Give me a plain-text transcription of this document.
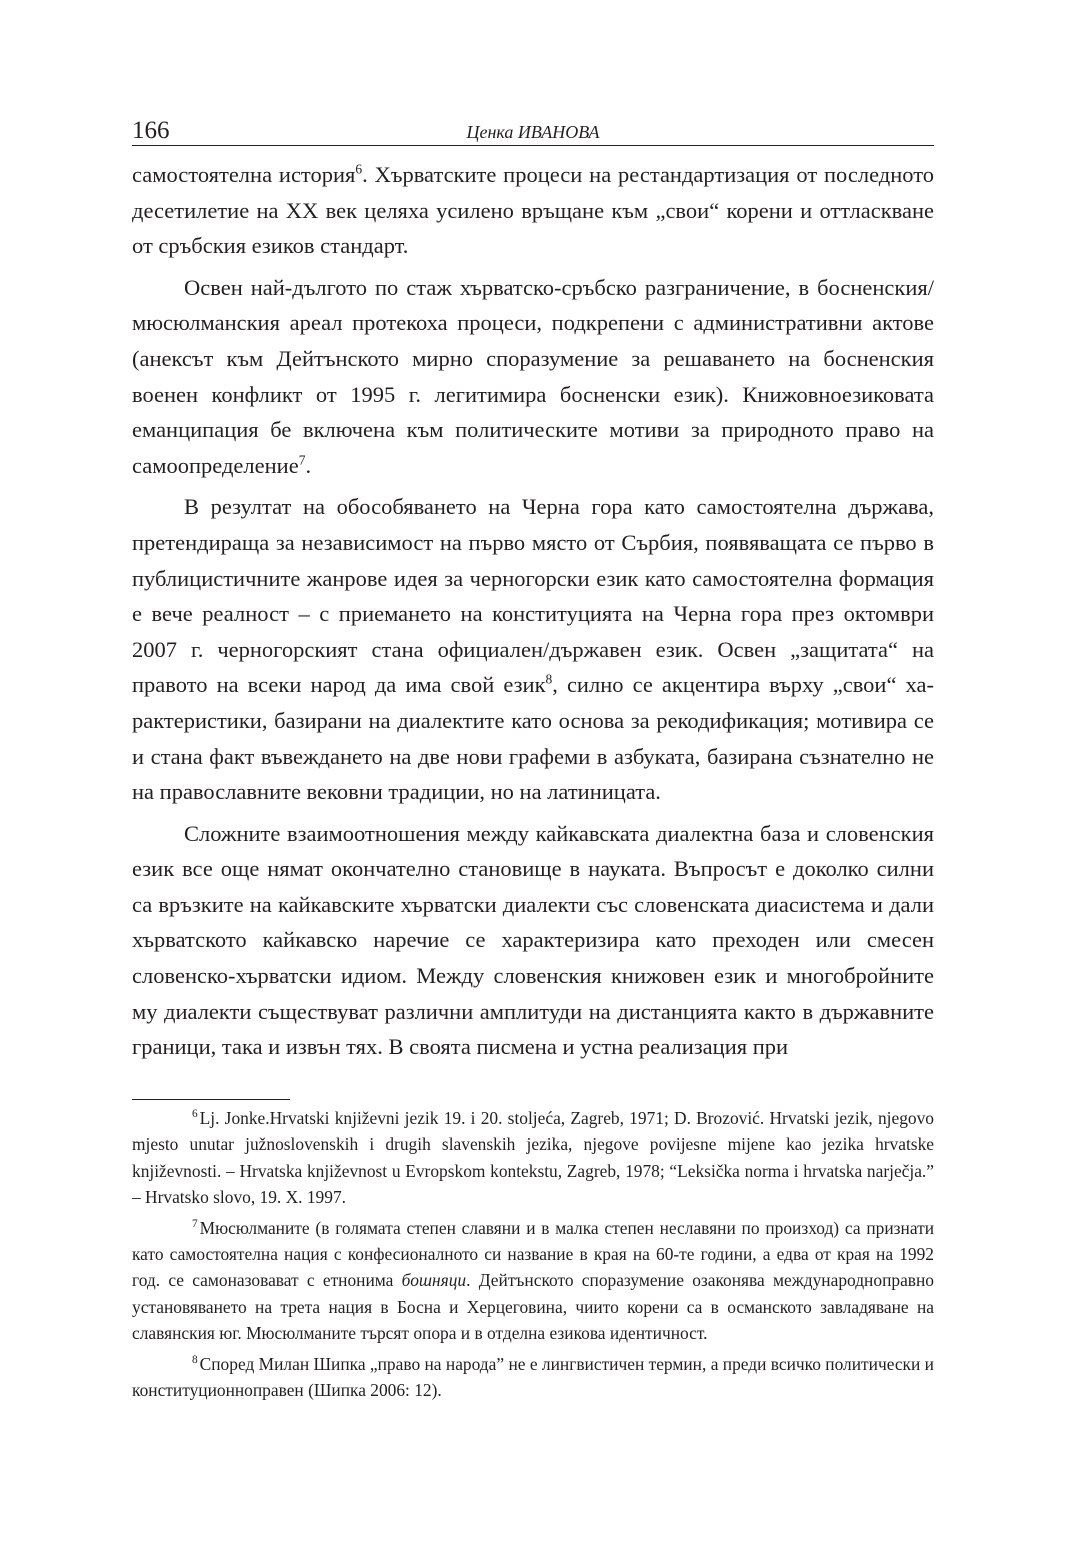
166	Ценка ИВАНОВА

самостоятелна история$^6$. Хърватските процеси на рестандартизация от последното десетилетие на XX век целяха усилено връщане към „свои“ корени и оттласкване от сръбския езиков стандарт.

Освен най-дългото по стаж хърватско-сръбско разграничение, в босненския/ мюсюлманския ареал протекоха процеси, подкрепени с административни актове (анексът към Дейтънското мирно споразумение за решаването на босненския военен конфликт от 1995 г. легитимира босненски език). Книжовноезиковата еманципация бе включена към политическите мотиви за природното право на самоопределение$^7$.

В резултат на обособяването на Черна гора като самостоятелна държава, претендираща за независимост на първо място от Сърбия, появяващата се първо в публицистичните жанрове идея за черногорски език като самостоятелна формация е вече реалност – с приемането на конституцията на Черна гора през октомври 2007 г. черногорският стана официален/държавен език. Освен „защитата“ на правото на всеки народ да има свой език$^8$, силно се акцентира върху „свои“ характеристики, базирани на диалектите като основа за рекодификация; мотивира се и стана факт въвеждането на две нови графеми в азбуката, базирана съзнателно не на православните вековни традиции, но на латиницата.

Сложните взаимоотношения между кайкавската диалектна база и словенския език все още нямат окончателно становище в науката. Въпросът е доколко силни са връзките на кайкавските хърватски диалекти със словенската диасистема и дали хърватското кайкавско наречие се характеризира като преходен или смесен словенско-хърватски идиом. Между словенския книжовен език и многобройните му диалекти съществуват различни амплитуди на дистанцията както в държавните граници, така и извън тях. В своята писмена и устна реализация при

$^6$ Lj. Jonke.Hrvatski književni jezik 19. i 20. stoljeća, Zagreb, 1971; D. Brozović. Hrvatski jezik, njegovo mjesto unutar južnoslovenskih i drugih slavenskih jezika, njegove povijesne mijene kao jezika hrvatske književnosti. – Hrvatska književnost u Evropskom kontekstu, Zagreb, 1978; “Leksička norma i hrvatska narječja.” – Hrvatsko slovo, 19. X. 1997.

$^7$ Мюсюлманите (в голямата степен славяни и в малка степен неславяни по произход) са признати като самостоятелна нация с конфесионалното си название в края на 60-те години, а едва от края на 1992 год. се самоназовават с етнонима бошняци. Дейтънското споразумение озаконява международноправно установяването на трета нация в Босна и Херцеговина, чиито корени са в османското завладяване на славянския юг. Мюсюлманите търсят опора и в отделна езикова идентичност.

$^8$ Според Милан Шипка „право на народа” не е лингвистичен термин, а преди всичко политически и конституционноправен (Шипка 2006: 12).
